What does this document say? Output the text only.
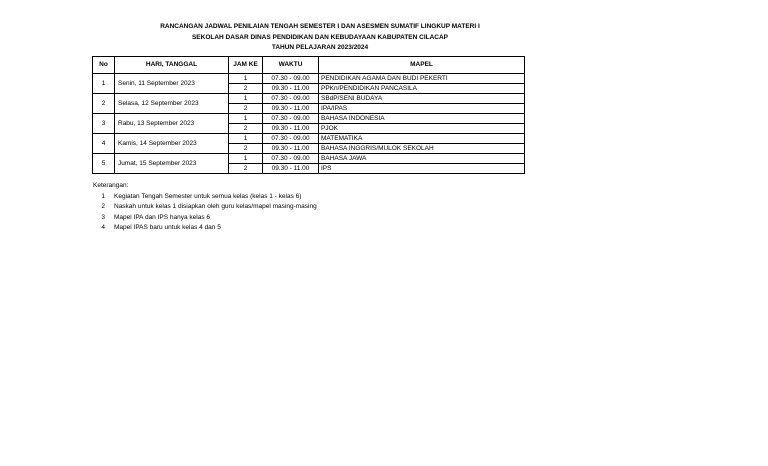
RANCANGAN JADWAL PENILAIAN TENGAH SEMESTER I DAN ASESMEN SUMATIF LINGKUP MATERI I
SEKOLAH DASAR DINAS PENDIDIKAN DAN KEBUDAYAAN KABUPATEN CILACAP
TAHUN PELAJARAN 2023/2024
No	HARI, TANGGAL	JAM KE	WAKTU	MAPEL
1	Senin, 11 September 2023	1	07.30 - 09.00	PENDIDIKAN AGAMA DAN BUDI PEKERTI
		2	09.30 - 11.00	PPKn/PENDIDIKAN PANCASILA
2	Selasa, 12 September 2023	1	07.30 - 09.00	SBdP/SENI BUDAYA
		2	09.30 - 11.00	IPA/IPAS
3	Rabu, 13 September 2023	1	07.30 - 09.00	BAHASA INDONESIA
		2	09.30 - 11.00	PJOK
4	Kamis, 14 September 2023	1	07.30 - 09.00	MATEMATIKA
		2	09.30 - 11.00	BAHASA INGGRIS/MULOK SEKOLAH
5	Jumat, 15 September 2023	1	07.30 - 09.00	BAHASA JAWA
		2	09.30 - 11.00	IPS
Keterangan:
1 Kegiatan Tengah Semester untuk semua kelas (kelas 1 - kelas 6)
2 Naskah untuk kelas 1 disiapkan oleh guru kelas/mapel masing-masing
3 Mapel IPA dan IPS hanya kelas 6
4 Mapel IPAS baru untuk kelas 4 dan 5
